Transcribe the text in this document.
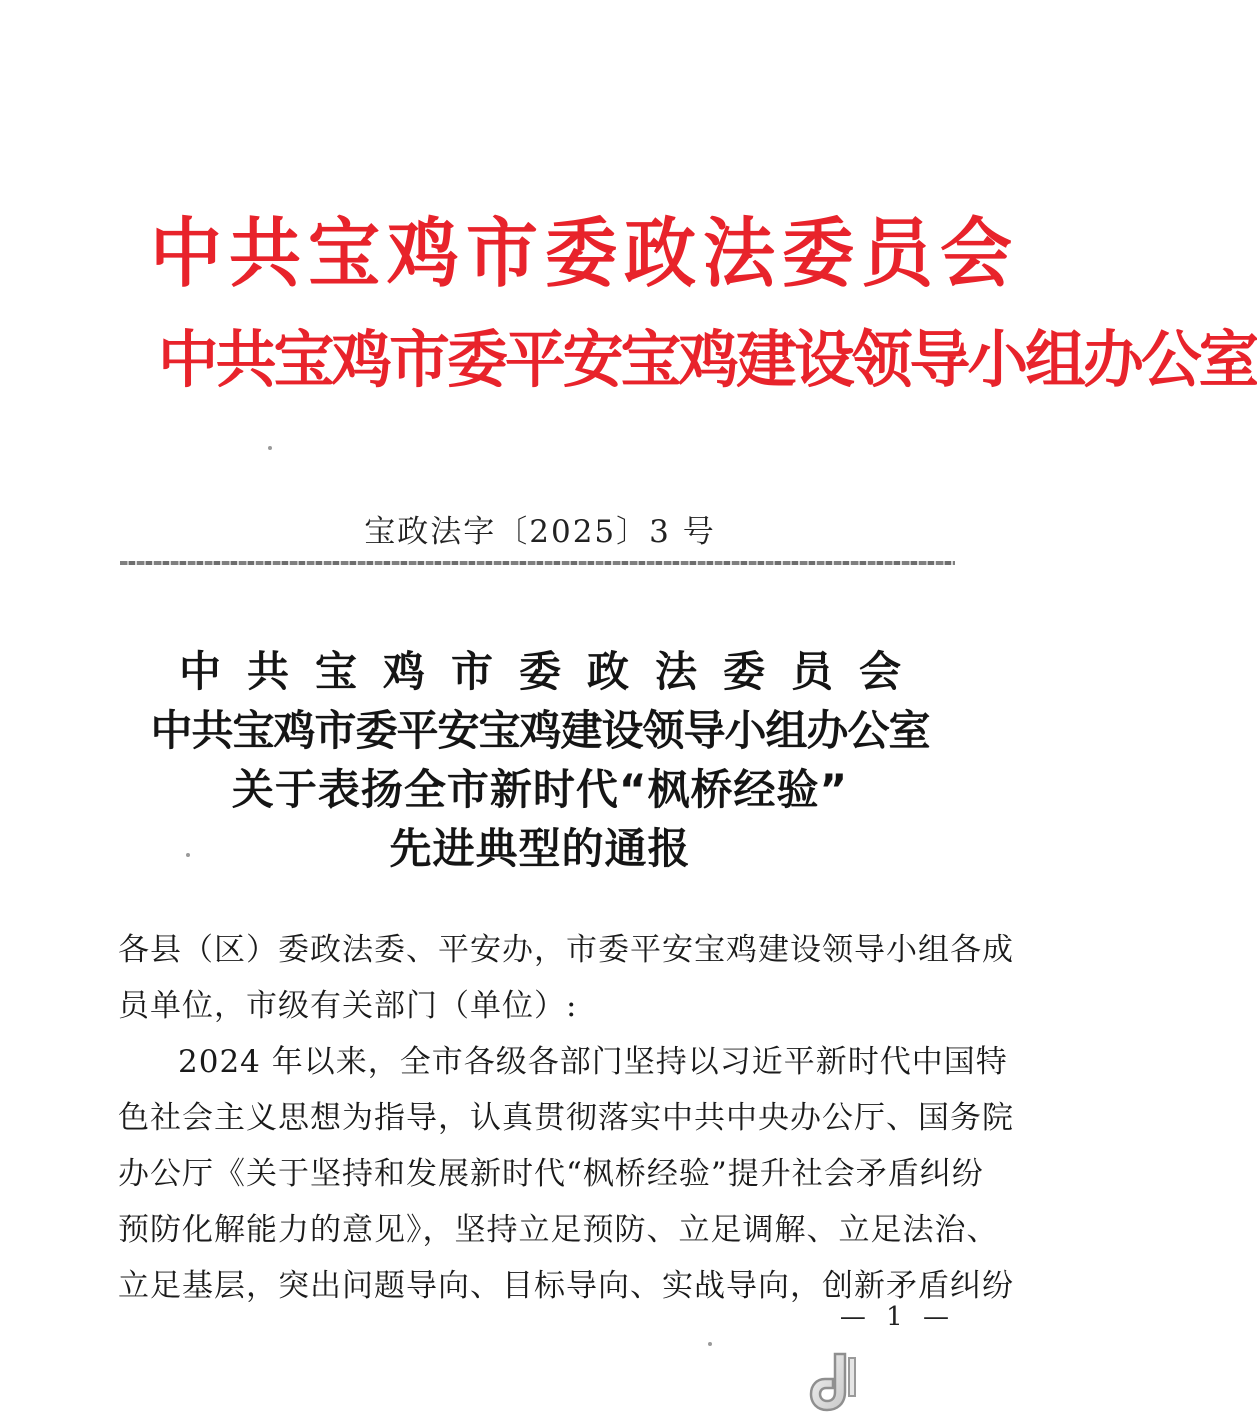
中共宝鸡市委政法委员会
中共宝鸡市委平安宝鸡建设领导小组办公室
宝政法字〔2025〕3 号
中共宝鸡市委政法委员会
中共宝鸡市委平安宝鸡建设领导小组办公室
关于表扬全市新时代“枫桥经验”
先进典型的通报
各县（区）委政法委、平安办，市委平安宝鸡建设领导小组各成
员单位，市级有关部门（单位）:
2024 年以来，全市各级各部门坚持以习近平新时代中国特
色社会主义思想为指导，认真贯彻落实中共中央办公厅、国务院
办公厅《关于坚持和发展新时代“枫桥经验”提升社会矛盾纠纷
预防化解能力的意见》，坚持立足预防、立足调解、立足法治、
立足基层，突出问题导向、目标导向、实战导向，创新矛盾纠纷
— 1 —
